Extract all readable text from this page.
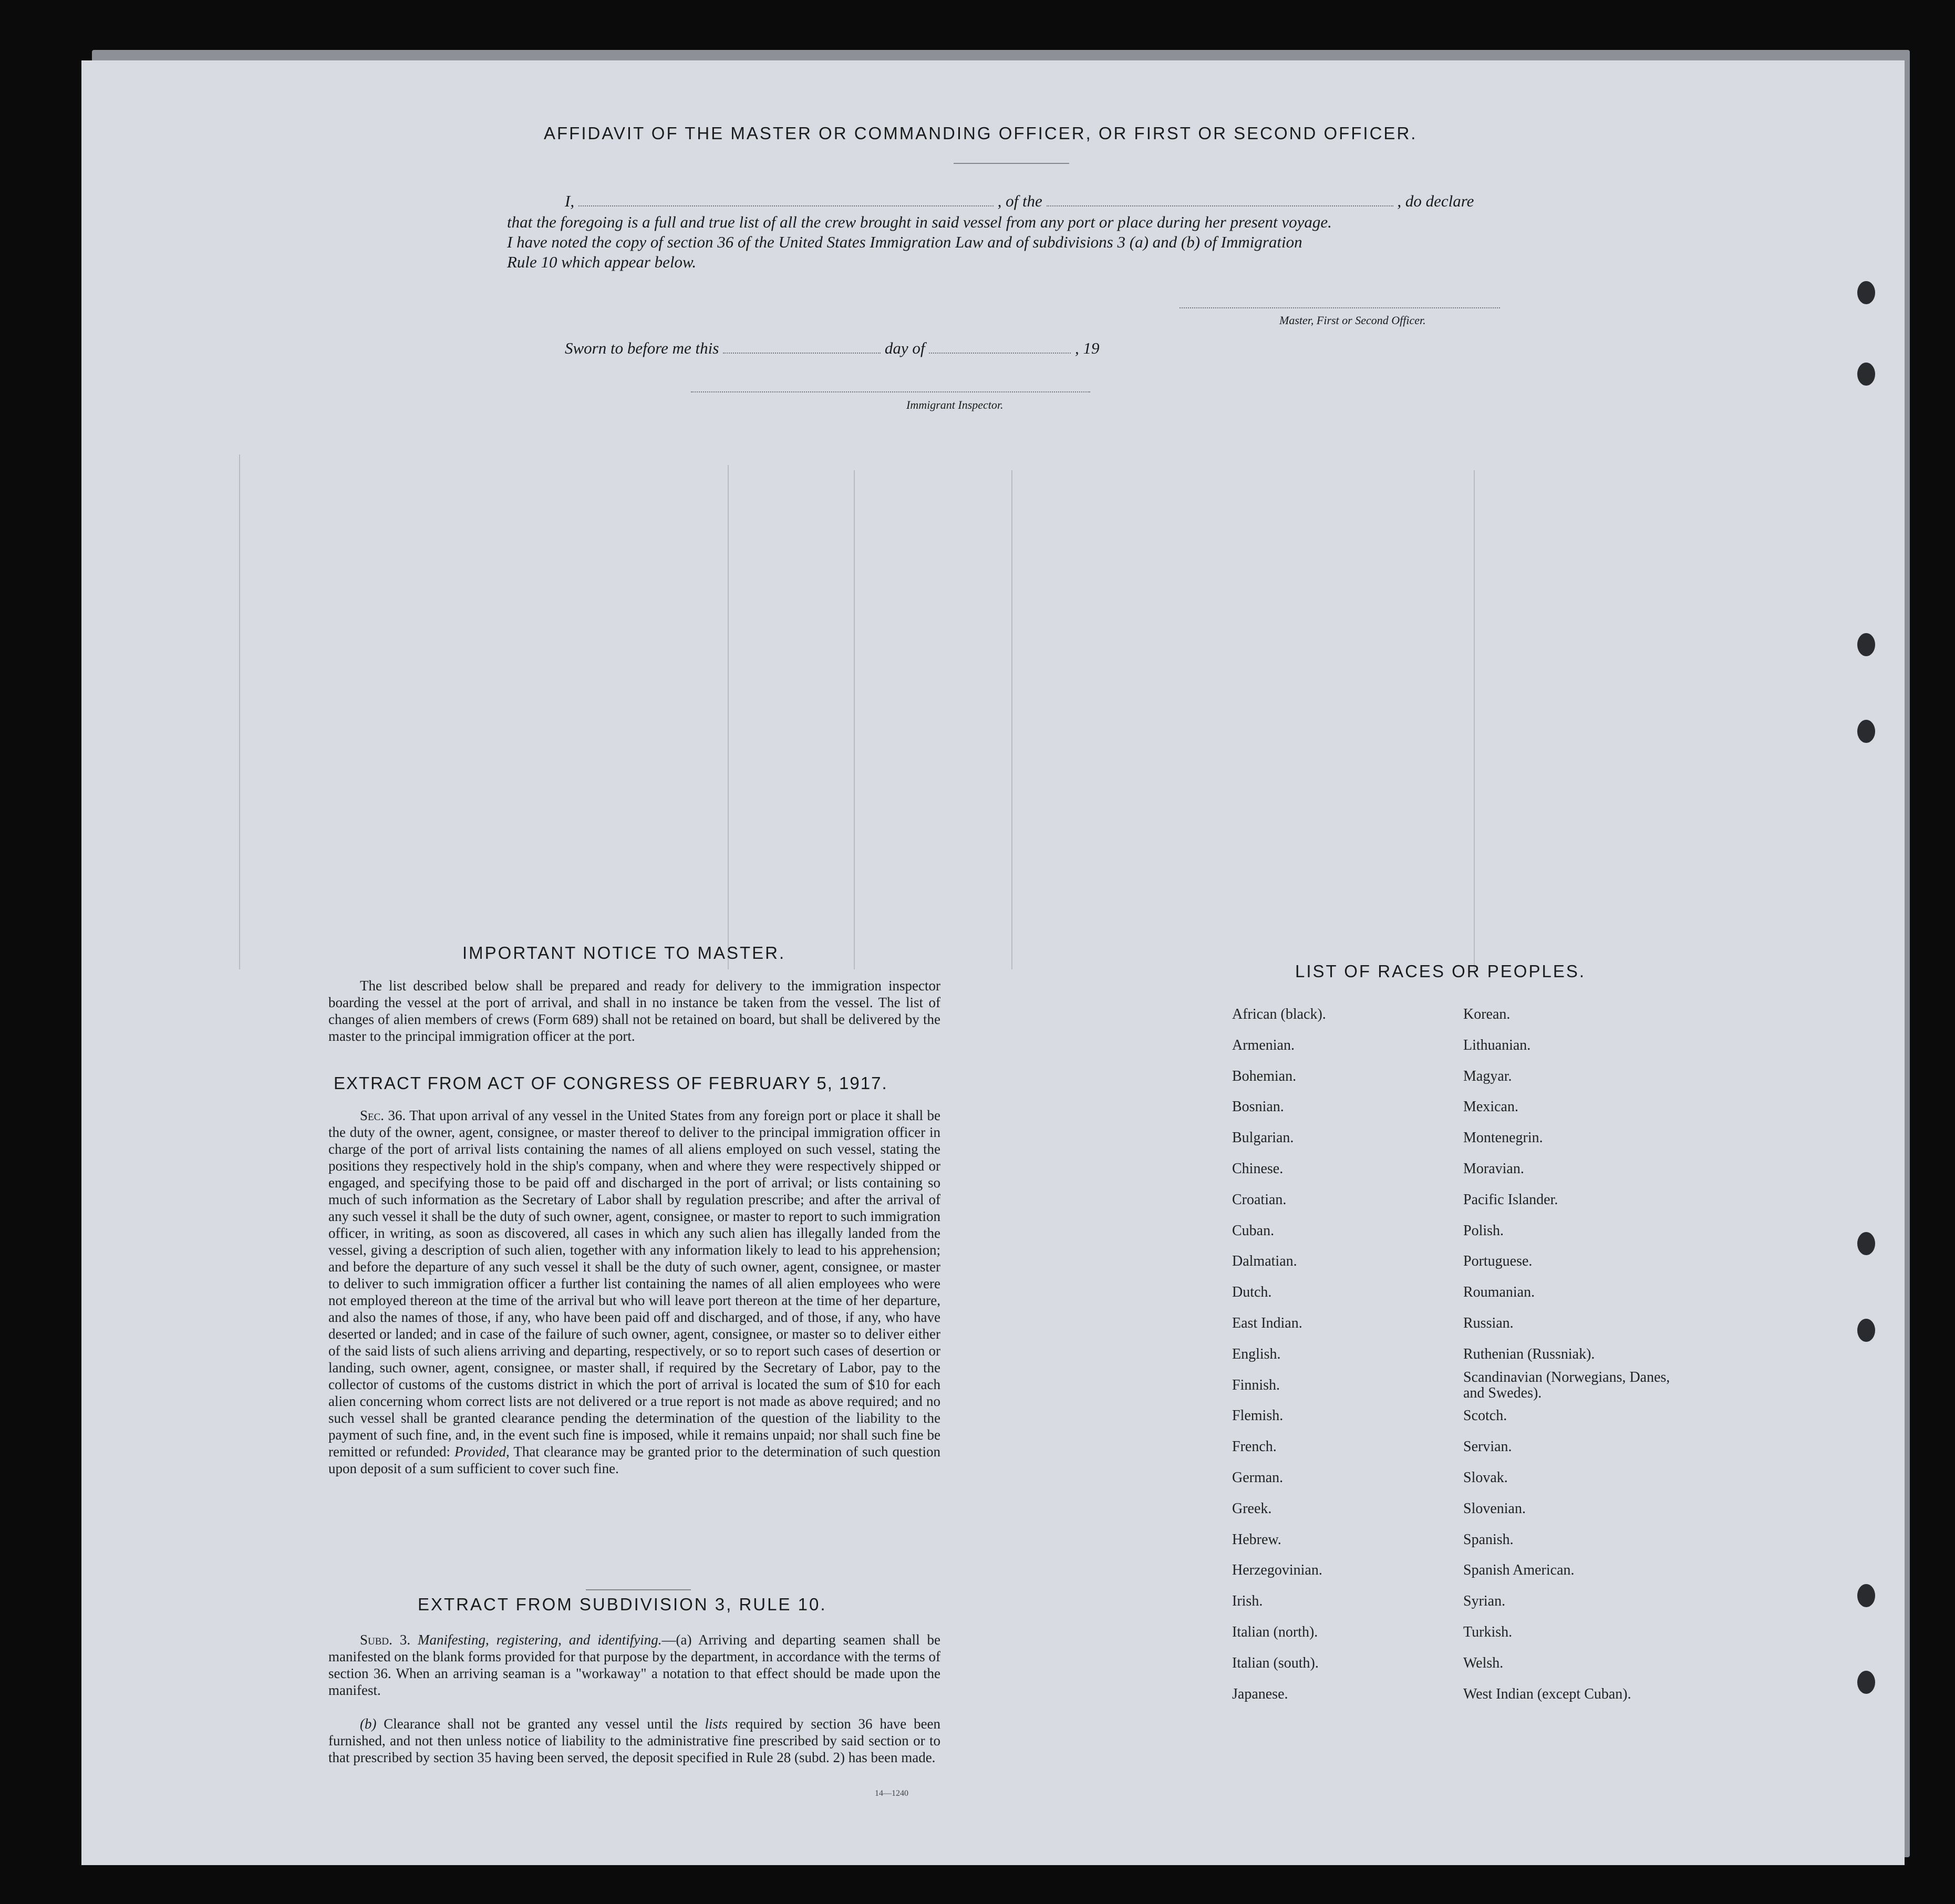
AFFIDAVIT OF THE MASTER OR COMMANDING OFFICER, OR FIRST OR SECOND OFFICER.
I,	, of the	, do declare
that the foregoing is a full and true list of all the crew brought in said vessel from any port or place during her present voyage.
I have noted the copy of section 36 of the United States Immigration Law and of subdivisions 3 (a) and (b) of Immigration
Rule 10 which appear below.
Master, First or Second Officer.
Sworn to before me this	day of	, 19
Immigrant Inspector.
IMPORTANT NOTICE TO MASTER.
The list described below shall be prepared and ready for delivery to the immigration inspector boarding the vessel at the port of arrival, and shall in no instance be taken from the vessel. The list of changes of alien members of crews (Form 689) shall not be retained on board, but shall be delivered by the master to the principal immigration officer at the port.
EXTRACT FROM ACT OF CONGRESS OF FEBRUARY 5, 1917.
Sec. 36. That upon arrival of any vessel in the United States from any foreign port or place it shall be the duty of the owner, agent, consignee, or master thereof to deliver to the principal immigration officer in charge of the port of arrival lists containing the names of all aliens employed on such vessel, stating the positions they respectively hold in the ship's company, when and where they were respectively shipped or engaged, and specifying those to be paid off and discharged in the port of arrival; or lists containing so much of such information as the Secretary of Labor shall by regulation prescribe; and after the arrival of any such vessel it shall be the duty of such owner, agent, consignee, or master to report to such immigration officer, in writing, as soon as discovered, all cases in which any such alien has illegally landed from the vessel, giving a description of such alien, together with any information likely to lead to his apprehension; and before the departure of any such vessel it shall be the duty of such owner, agent, consignee, or master to deliver to such immigration officer a further list containing the names of all alien employees who were not employed thereon at the time of the arrival but who will leave port thereon at the time of her departure, and also the names of those, if any, who have been paid off and discharged, and of those, if any, who have deserted or landed; and in case of the failure of such owner, agent, consignee, or master so to deliver either of the said lists of such aliens arriving and departing, respectively, or so to report such cases of desertion or landing, such owner, agent, consignee, or master shall, if required by the Secretary of Labor, pay to the collector of customs of the customs district in which the port of arrival is located the sum of $10 for each alien concerning whom correct lists are not delivered or a true report is not made as above required; and no such vessel shall be granted clearance pending the determination of the question of the liability to the payment of such fine, and, in the event such fine is imposed, while it remains unpaid; nor shall such fine be remitted or refunded: Provided, That clearance may be granted prior to the determination of such question upon deposit of a sum sufficient to cover such fine.
EXTRACT FROM SUBDIVISION 3, RULE 10.
Subd. 3. Manifesting, registering, and identifying.—(a) Arriving and departing seamen shall be manifested on the blank forms provided for that purpose by the department, in accordance with the terms of section 36. When an arriving seaman is a "workaway" a notation to that effect should be made upon the manifest.
(b) Clearance shall not be granted any vessel until the lists required by section 36 have been furnished, and not then unless notice of liability to the administrative fine prescribed by said section or to that prescribed by section 35 having been served, the deposit specified in Rule 28 (subd. 2) has been made.
14—1240
LIST OF RACES OR PEOPLES.
African (black).
Armenian.
Bohemian.
Bosnian.
Bulgarian.
Chinese.
Croatian.
Cuban.
Dalmatian.
Dutch.
East Indian.
English.
Finnish.
Flemish.
French.
German.
Greek.
Hebrew.
Herzegovinian.
Irish.
Italian (north).
Italian (south).
Japanese.
Korean.
Lithuanian.
Magyar.
Mexican.
Montenegrin.
Moravian.
Pacific Islander.
Polish.
Portuguese.
Roumanian.
Russian.
Ruthenian (Russniak).
Scandinavian (Norwegians, Danes, and Swedes).
Scotch.
Servian.
Slovak.
Slovenian.
Spanish.
Spanish American.
Syrian.
Turkish.
Welsh.
West Indian (except Cuban).
